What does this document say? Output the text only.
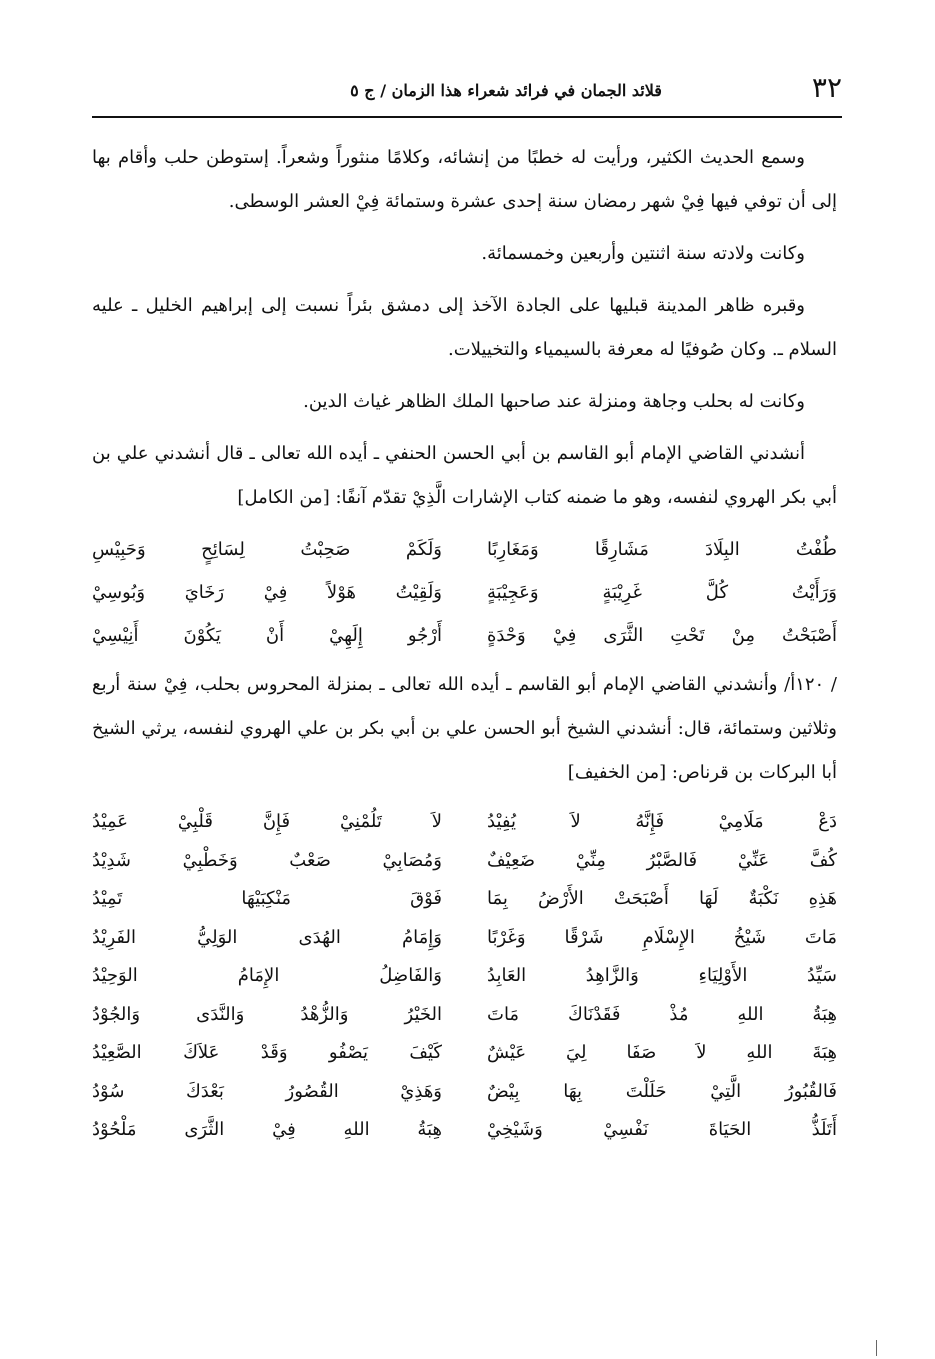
٣٢
قلائد الجمان في فرائد شعراء هذا الزمان / ج ٥

وسمع الحديث الكثير، ورأيت له خطبًا من إنشائه، وكلامًا منثوراً وشعراً. إستوطن حلب وأقام بها إلى أن توفي فيها فِيْ شهر رمضان سنة إحدى عشرة وستمائة فِيْ العشر الوسطى.

وكانت ولادته سنة اثنتين وأربعين وخمسمائة.

وقبره ظاهر المدينة قبليها على الجادة الآخذ إلى دمشق بئراً نسبت إلى إبراهيم الخليل ـ عليه السلام ـ. وكان صُوفيًا له معرفة بالسيمياء والتخييلات.

وكانت له بحلب وجاهة ومنزلة عند صاحبها الملك الظاهر غياث الدين.

أنشدني القاضي الإمام أبو القاسم بن أبي الحسن الحنفي ـ أيده الله تعالى ـ قال أنشدني علي بن أبي بكر الهروي لنفسه، وهو ما ضمنه كتاب الإشارات الَّذِيْ تقدّم آنفًا: [من الكامل]

طُفْتُ البِلَادَ مَشَارِقًا وَمَغَارِبًا
وَلَكَمْ صَحِبْتُ لِسَائِحٍ وَحَبِيْسِ
وَرَأَيْتُ كُلَّ غَرِيْبَةٍ وَعَجِيْبَةٍ
وَلَقِيْتُ هَوْلاً فِيْ رَخَايَ وَبُوسِيْ
أَصْبَحْتُ مِنْ تَحْتِ الثَّرَى فِيْ وَحْدَةٍ
أَرْجُو إِلَهِيْ أَنْ يَكُوْنَ أَنِيْسِيْ

/ ١٢٠أ/ وأنشدني القاضي الإمام أبو القاسم ـ أيده الله تعالى ـ بمنزلة المحروس بحلب، فِيْ سنة أربع وثلاثين وستمائة، قال: أنشدني الشيخ أبو الحسن علي بن أبي بكر بن علي الهروي لنفسه، يرثي الشيخ أبا البركات بن قرناص: [من الخفيف]

دَعْ مَلَامِيْ فَإِنَّهُ لاَ يُفِيْدُ
لاَ تَلُمْنِيْ فَإِنَّ قَلْبِيْ عَمِيْدُ
كُفَّ عَنِّيْ فَالصَّبْرُ مِنِّيْ ضَعِيْفٌ
وَمُصَابِيْ صَعْبٌ وَخَطْبِيْ شَدِيْدُ
هَذِهِ نَكْبَةٌ لَهَا أَصْبَحَتْ الأَرْضُ بِمَا
فَوْقَ مَنْكِبَيْهَا تَمِيْدُ
مَاتَ شَيْخُ الإِسْلَامِ شَرْقًا وَغَرْبًا
وَإِمَامُ الهُدَى الوَلِيُّ الفَرِيْدُ
سَيِّدُ الأَوْلِيَاءِ وَالزَّاهِدُ العَابِدُ
وَالفَاضِلُ الإِمَامُ الوَحِيْدُ
هِبَةُ اللهِ مُذْ فَقَدْنَاكَ مَاتَ
الخَيْرُ وَالزُّهْدُ وَالنَّدَى وَالجُوْدُ
هِبَةَ اللهِ لاَ صَفَا لِيَ عَيْشٌ
كَيْفَ يَصْفُو وَقَدْ عَلاَكَ الصَّعِيْدُ
فَالقُبُورُ الَّتِيْ حَلَلْتَ بِهَا بِيْضٌ
وَهَذِيْ القُصُورُ بَعْدَكَ سُوْدُ
أَتَلَذُّ الحَيَاةَ نَفْسِيْ وَشَيْخِيْ
هِبَةُ اللهِ فِيْ الثَّرَى مَلْحُوْدُ
